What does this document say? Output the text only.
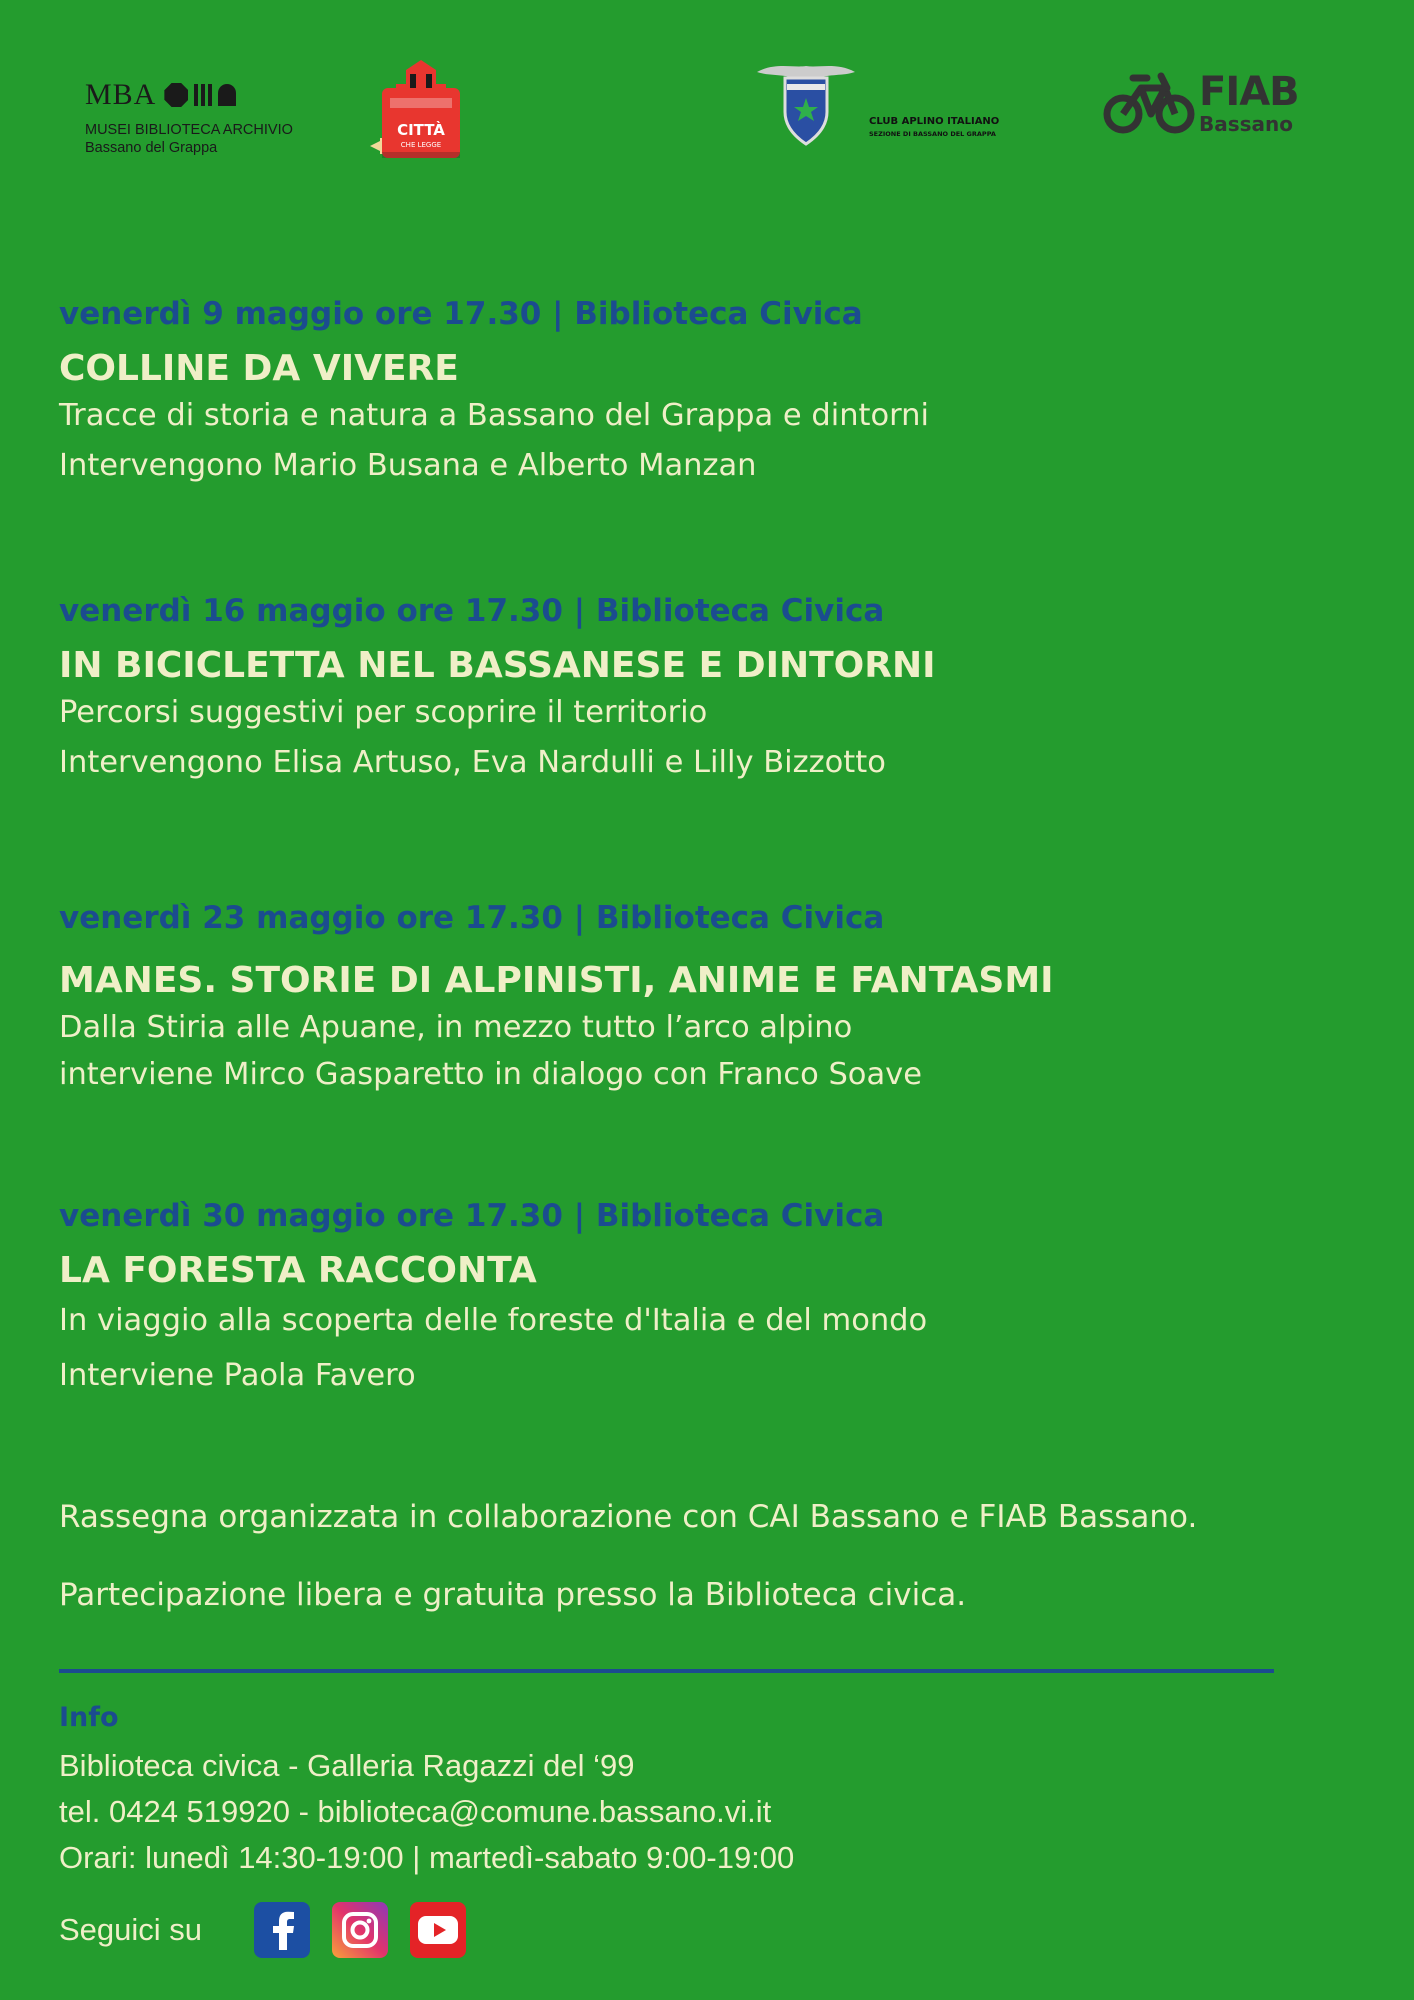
MBA
MUSEI BIBLIOTECA ARCHIVIO
Bassano del Grappa
CITTÀ
CHE LEGGE
CLUB APLINO ITALIANO
SEZIONE DI BASSANO DEL GRAPPA
FIAB
Bassano
venerdì 9 maggio ore 17.30 | Biblioteca Civica
COLLINE DA VIVERE
Tracce di storia e natura a Bassano del Grappa e dintorni
Intervengono Mario Busana e Alberto Manzan
venerdì 16 maggio ore 17.30 | Biblioteca Civica
IN BICICLETTA NEL BASSANESE E DINTORNI
Percorsi suggestivi per scoprire il territorio
Intervengono Elisa Artuso, Eva Nardulli e Lilly Bizzotto
venerdì 23 maggio ore 17.30 | Biblioteca Civica
MANES. STORIE DI ALPINISTI, ANIME E FANTASMI
Dalla Stiria alle Apuane, in mezzo tutto l’arco alpino
interviene Mirco Gasparetto in dialogo con Franco Soave
venerdì 30 maggio ore 17.30 | Biblioteca Civica
LA FORESTA RACCONTA
In viaggio alla scoperta delle foreste d'Italia e del mondo
Interviene Paola Favero
Rassegna organizzata in collaborazione con CAI Bassano e FIAB Bassano.
Partecipazione libera e gratuita presso la Biblioteca civica.
Info
Biblioteca civica - Galleria Ragazzi del ‘99
tel. 0424 519920 - biblioteca@comune.bassano.vi.it
Orari: lunedì 14:30-19:00 | martedì-sabato 9:00-19:00
Seguici su
